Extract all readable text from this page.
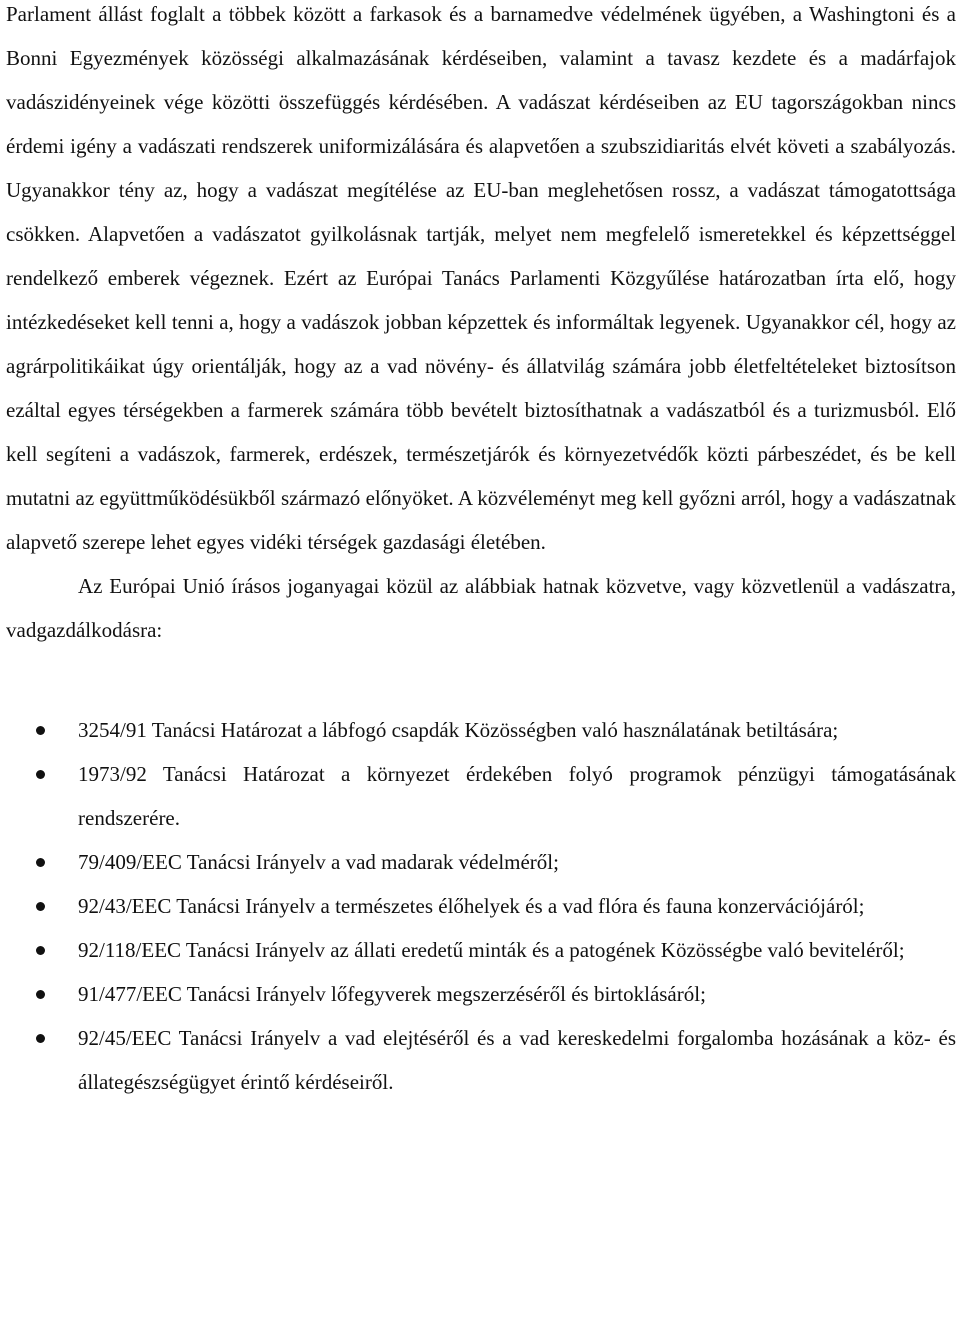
Parlament állást foglalt a többek között a farkasok és a barnamedve védelmének ügyében, a Washingtoni és a Bonni Egyezmények közösségi alkalmazásának kérdéseiben, valamint a tavasz kezdete és a madárfajok vadászidényeinek vége közötti összefüggés kérdésében. A vadászat kérdéseiben az EU tagországokban nincs érdemi igény a vadászati rendszerek uniformizálására és alapvetően a szubszidiaritás elvét követi a szabályozás. Ugyanakkor tény az, hogy a vadászat megítélése az EU-ban meglehetősen rossz, a vadászat támogatottsága csökken. Alapvetően a vadászatot gyilkolásnak tartják, melyet nem megfelelő ismeretekkel és képzettséggel rendelkező emberek végeznek. Ezért az Európai Tanács Parlamenti Közgyűlése határozatban írta elő, hogy intézkedéseket kell tenni a, hogy a vadászok jobban képzettek és informáltak legyenek. Ugyanakkor cél, hogy az agrárpolitikáikat úgy orientálják, hogy az a vad növény- és állatvilág számára jobb életfeltételeket biztosítson ezáltal egyes térségekben a farmerek számára több bevételt biztosíthatnak a vadászatból és a turizmusból. Elő kell segíteni a vadászok, farmerek, erdészek, természetjárók és környezetvédők közti párbeszédet, és be kell mutatni az együttműködésükből származó előnyöket. A közvéleményt meg kell győzni arról, hogy a vadászatnak alapvető szerepe lehet egyes vidéki térségek gazdasági életében.

Az Európai Unió írásos joganyagai közül az alábbiak hatnak közvetve, vagy közvetlenül a vadászatra, vadgazdálkodásra:

3254/91 Tanácsi Határozat a lábfogó csapdák Közösségben való használatának betiltására;
1973/92 Tanácsi Határozat a környezet érdekében folyó programok pénzügyi támogatásának rendszerére.
79/409/EEC Tanácsi Irányelv a vad madarak védelméről;
92/43/EEC Tanácsi Irányelv a természetes élőhelyek és a vad flóra és fauna konzervációjáról;
92/118/EEC Tanácsi Irányelv az állati eredetű minták és a patogének Közösségbe való beviteléről;
91/477/EEC Tanácsi Irányelv lőfegyverek megszerzéséről és birtoklásáról;
92/45/EEC Tanácsi Irányelv a vad elejtéséről és a vad kereskedelmi forgalomba hozásának a köz- és állategészségügyet érintő kérdéseiről.
